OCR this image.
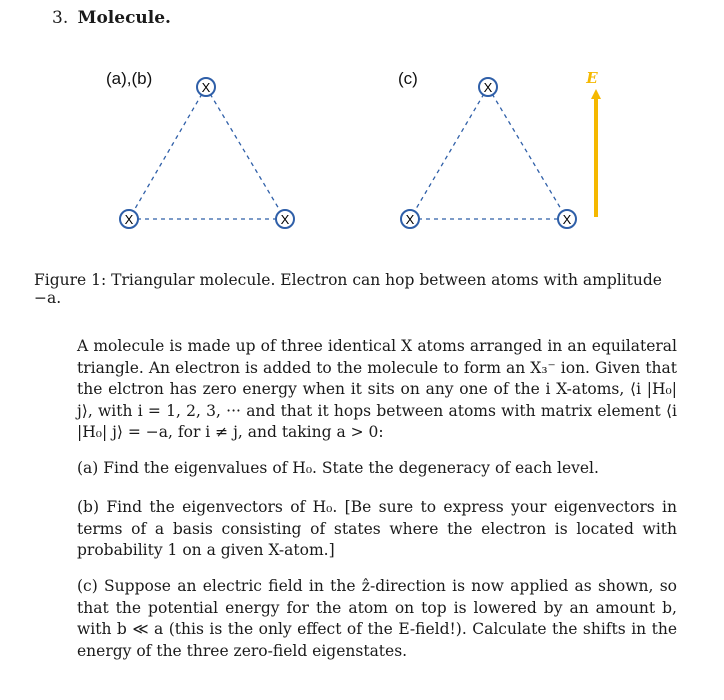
3. Molecule.
(a),(b)	X
X	X
(c)	X
X	X
E
Figure 1: Triangular molecule. Electron can hop between atoms with amplitude −a.
A molecule is made up of three identical X atoms arranged in an equilateral triangle. An electron is added to the molecule to form an X₃⁻ ion. Given that the elctron has zero energy when it sits on any one of the i X-atoms, ⟨i |H₀| j⟩, with i = 1, 2, 3, ··· and that it hops between atoms with matrix element ⟨i |H₀| j⟩ = −a, for i ≠ j, and taking a > 0:
(a) Find the eigenvalues of H₀. State the degeneracy of each level.
(b) Find the eigenvectors of H₀. [Be sure to express your eigenvectors in terms of a basis consisting of states where the electron is located with probability 1 on a given X-atom.]
(c) Suppose an electric field in the ẑ-direction is now applied as shown, so that the potential energy for the atom on top is lowered by an amount b, with b ≪ a (this is the only effect of the E-field!). Calculate the shifts in the energy of the three zero-field eigenstates.
